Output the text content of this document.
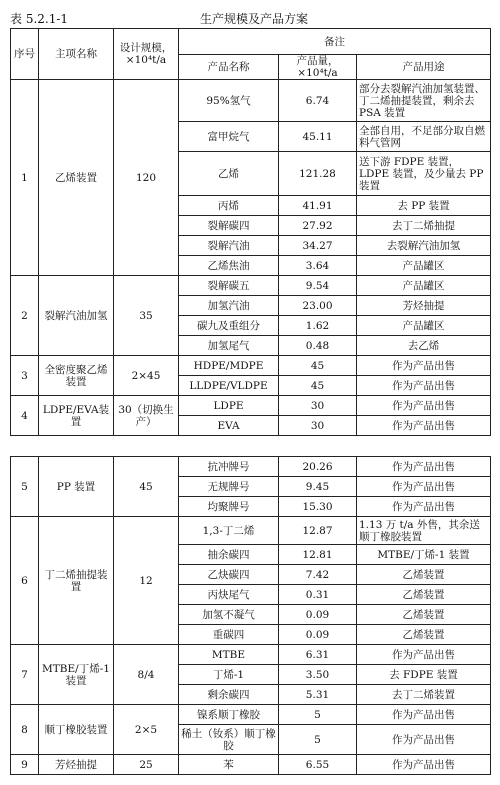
表 5.2.1-1	生产规模及产品方案
序号	主项名称	设计规模，×10⁴t/a	备注		
			产品名称	产品量，×10⁴t/a	产品用途
1	乙烯装置	120	95%氢气	6.74	部分去裂解汽油加氢装置、丁二烯抽提装置，剩余去 PSA 装置
			富甲烷气	45.11	全部自用，不足部分取自燃料气管网
			乙烯	121.28	送下游 FDPE 装置，LDPE 装置，及少量去 PP 装置
			丙烯	41.91	去 PP 装置
			裂解碳四	27.92	去丁二烯抽提
			裂解汽油	34.27	去裂解汽油加氢
			乙烯焦油	3.64	产品罐区
2	裂解汽油加氢	35	裂解碳五	9.54	产品罐区
			加氢汽油	23.00	芳烃抽提
			碳九及重组分	1.62	产品罐区
			加氢尾气	0.48	去乙烯
3	全密度聚乙烯装置	2×45	HDPE/MDPE	45	作为产品出售
			LLDPE/VLDPE	45	作为产品出售
4	LDPE/EVA装置	30（切换生产）	LDPE	30	作为产品出售
			EVA	30	作为产品出售
5	PP 装置	45	抗冲牌号	20.26	作为产品出售
			无规牌号	9.45	作为产品出售
			均聚牌号	15.30	作为产品出售
6	丁二烯抽提装置	12	1,3-丁二烯	12.87	1.13 万 t/a 外售，其余送顺丁橡胶装置
			抽余碳四	12.81	MTBE/丁烯-1 装置
			乙炔碳四	7.42	乙烯装置
			丙炔尾气	0.31	乙烯装置
			加氢不凝气	0.09	乙烯装置
			重碳四	0.09	乙烯装置
7	MTBE/丁烯-1 装置	8/4	MTBE	6.31	作为产品出售
			丁烯-1	3.50	去 FDPE 装置
			剩余碳四	5.31	去丁二烯装置
8	顺丁橡胶装置	2×5	镍系顺丁橡胶	5	作为产品出售
			稀土（钕系）顺丁橡胶	5	作为产品出售
9	芳烃抽提	25	苯	6.55	作为产品出售
